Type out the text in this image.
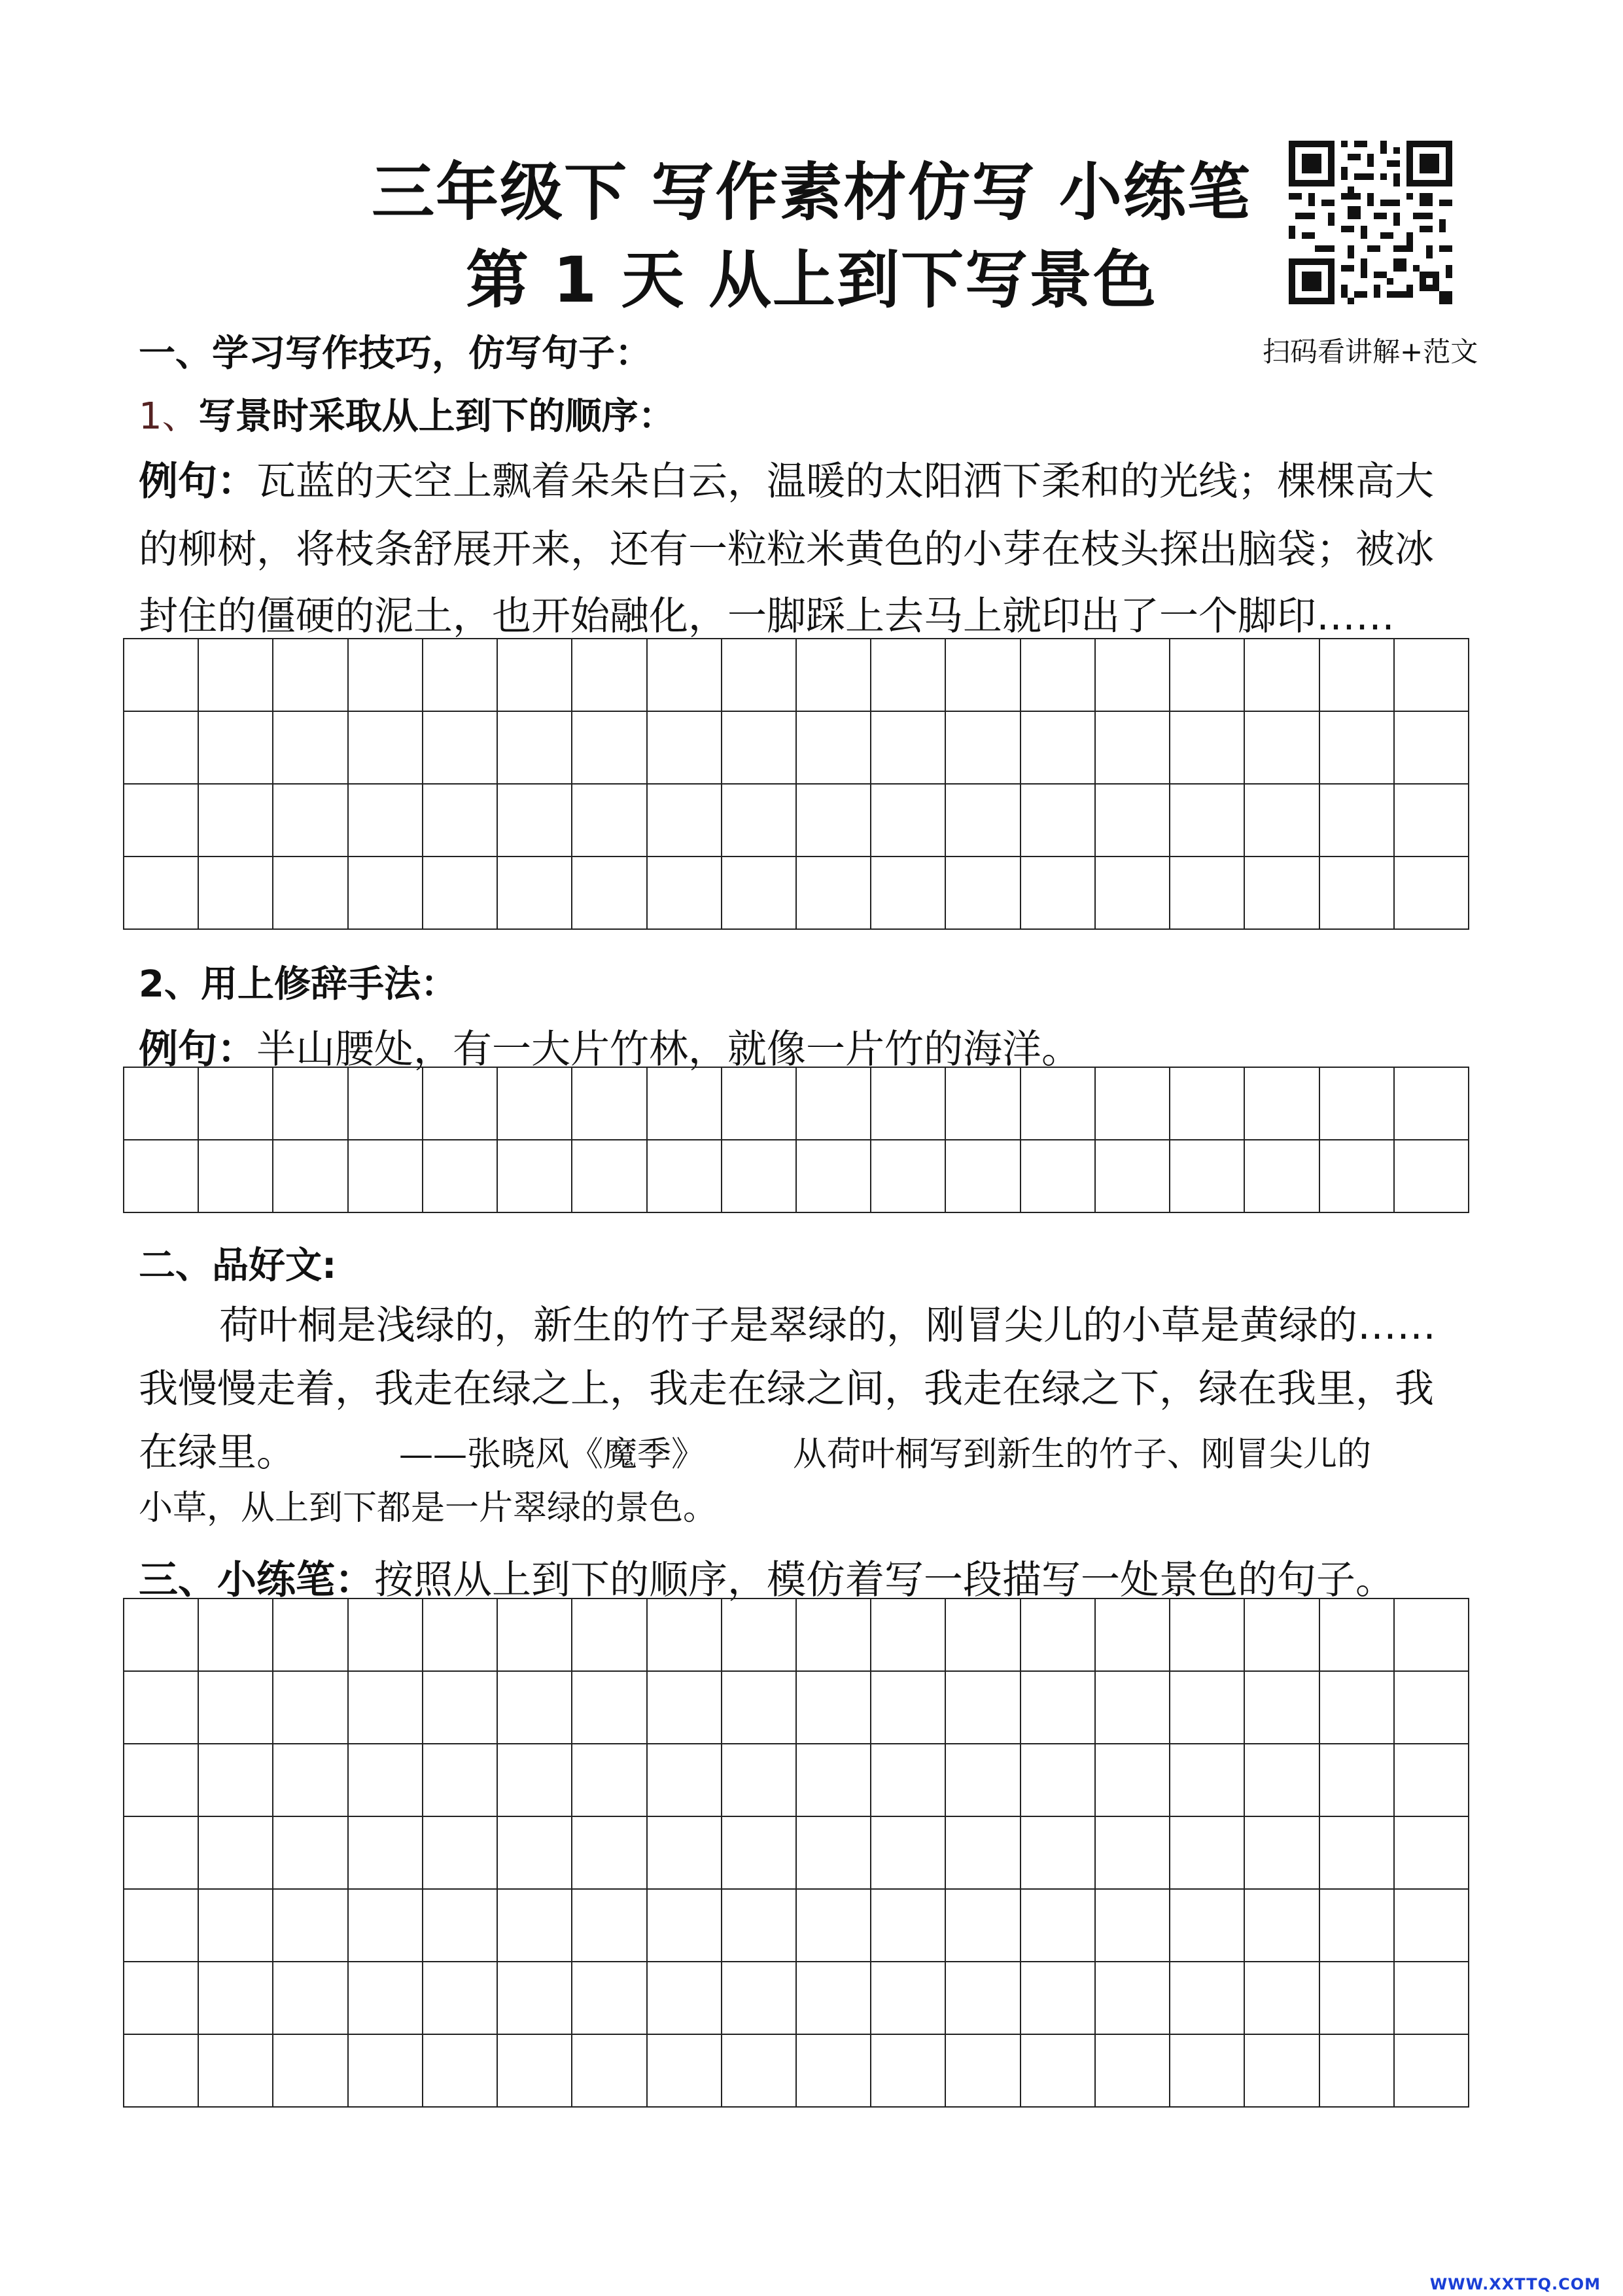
三年级下 写作素材仿写 小练笔
第 1 天 从上到下写景色
扫码看讲解+范文
一、学习写作技巧，仿写句子：
1、写景时采取从上到下的顺序：
例句：瓦蓝的天空上飘着朵朵白云，温暖的太阳洒下柔和的光线；棵棵高大
的柳树，将枝条舒展开来，还有一粒粒米黄色的小芽在枝头探出脑袋；被冰
封住的僵硬的泥土，也开始融化，一脚踩上去马上就印出了一个脚印……
2、用上修辞手法：
例句：半山腰处，有一大片竹林，就像一片竹的海洋。
二、品好文:
荷叶桐是浅绿的，新生的竹子是翠绿的，刚冒尖儿的小草是黄绿的……
我慢慢走着，我走在绿之上，我走在绿之间，我走在绿之下，绿在我里，我
在绿里。	——张晓风《魔季》	从荷叶桐写到新生的竹子、刚冒尖儿的
小草，从上到下都是一片翠绿的景色。
三、小练笔：按照从上到下的顺序，模仿着写一段描写一处景色的句子。
WWW.XXTTQ.COM
